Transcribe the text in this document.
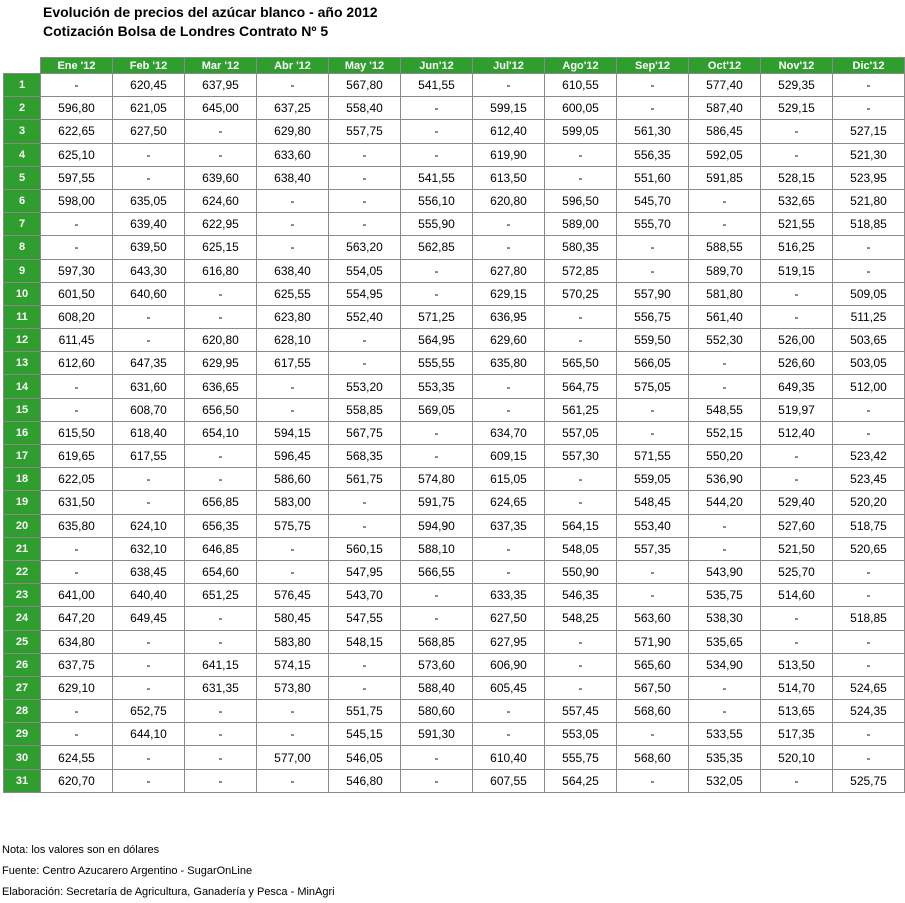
Evolución de precios del azúcar blanco - año 2012
Cotización Bolsa de Londres Contrato Nº 5
	Ene '12	Feb '12	Mar '12	Abr '12	May '12	Jun'12	Jul'12	Ago'12	Sep'12	Oct'12	Nov'12	Dic'12
1	-	620,45	637,95	-	567,80	541,55	-	610,55	-	577,40	529,35	-
2	596,80	621,05	645,00	637,25	558,40	-	599,15	600,05	-	587,40	529,15	-
3	622,65	627,50	-	629,80	557,75	-	612,40	599,05	561,30	586,45	-	527,15
4	625,10	-	-	633,60	-	-	619,90	-	556,35	592,05	-	521,30
5	597,55	-	639,60	638,40	-	541,55	613,50	-	551,60	591,85	528,15	523,95
6	598,00	635,05	624,60	-	-	556,10	620,80	596,50	545,70	-	532,65	521,80
7	-	639,40	622,95	-	-	555,90	-	589,00	555,70	-	521,55	518,85
8	-	639,50	625,15	-	563,20	562,85	-	580,35	-	588,55	516,25	-
9	597,30	643,30	616,80	638,40	554,05	-	627,80	572,85	-	589,70	519,15	-
10	601,50	640,60	-	625,55	554,95	-	629,15	570,25	557,90	581,80	-	509,05
11	608,20	-	-	623,80	552,40	571,25	636,95	-	556,75	561,40	-	511,25
12	611,45	-	620,80	628,10	-	564,95	629,60	-	559,50	552,30	526,00	503,65
13	612,60	647,35	629,95	617,55	-	555,55	635,80	565,50	566,05	-	526,60	503,05
14	-	631,60	636,65	-	553,20	553,35	-	564,75	575,05	-	649,35	512,00
15	-	608,70	656,50	-	558,85	569,05	-	561,25	-	548,55	519,97	-
16	615,50	618,40	654,10	594,15	567,75	-	634,70	557,05	-	552,15	512,40	-
17	619,65	617,55	-	596,45	568,35	-	609,15	557,30	571,55	550,20	-	523,42
18	622,05	-	-	586,60	561,75	574,80	615,05	-	559,05	536,90	-	523,45
19	631,50	-	656,85	583,00	-	591,75	624,65	-	548,45	544,20	529,40	520,20
20	635,80	624,10	656,35	575,75	-	594,90	637,35	564,15	553,40	-	527,60	518,75
21	-	632,10	646,85	-	560,15	588,10	-	548,05	557,35	-	521,50	520,65
22	-	638,45	654,60	-	547,95	566,55	-	550,90	-	543,90	525,70	-
23	641,00	640,40	651,25	576,45	543,70	-	633,35	546,35	-	535,75	514,60	-
24	647,20	649,45	-	580,45	547,55	-	627,50	548,25	563,60	538,30	-	518,85
25	634,80	-	-	583,80	548,15	568,85	627,95	-	571,90	535,65	-	-
26	637,75	-	641,15	574,15	-	573,60	606,90	-	565,60	534,90	513,50	-
27	629,10	-	631,35	573,80	-	588,40	605,45	-	567,50	-	514,70	524,65
28	-	652,75	-	-	551,75	580,60	-	557,45	568,60	-	513,65	524,35
29	-	644,10	-	-	545,15	591,30	-	553,05	-	533,55	517,35	-
30	624,55	-	-	577,00	546,05	-	610,40	555,75	568,60	535,35	520,10	-
31	620,70	-	-	-	546,80	-	607,55	564,25	-	532,05	-	525,75
Nota: los valores son en dólares
Fuente: Centro Azucarero Argentino - SugarOnLine
Elaboración: Secretaría de Agricultura, Ganadería y Pesca - MinAgri
